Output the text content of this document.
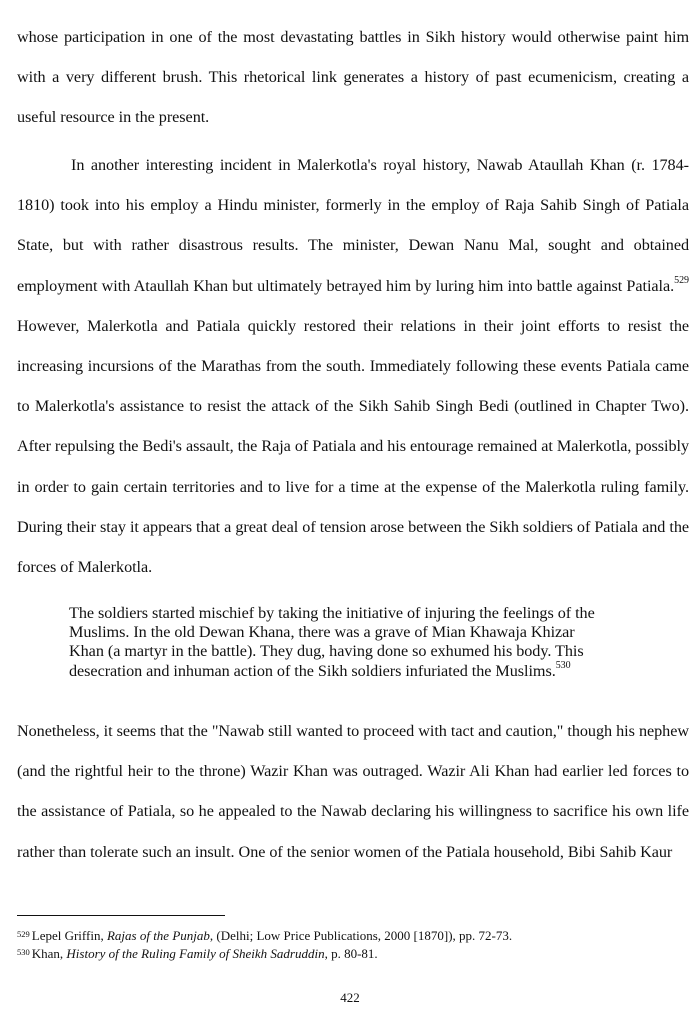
whose participation in one of the most devastating battles in Sikh history would otherwise paint him with a very different brush. This rhetorical link generates a history of past ecumenicism, creating a useful resource in the present.

In another interesting incident in Malerkotla's royal history, Nawab Ataullah Khan (r. 1784-1810) took into his employ a Hindu minister, formerly in the employ of Raja Sahib Singh of Patiala State, but with rather disastrous results. The minister, Dewan Nanu Mal, sought and obtained employment with Ataullah Khan but ultimately betrayed him by luring him into battle against Patiala.$^{529}$ However, Malerkotla and Patiala quickly restored their relations in their joint efforts to resist the increasing incursions of the Marathas from the south. Immediately following these events Patiala came to Malerkotla's assistance to resist the attack of the Sikh Sahib Singh Bedi (outlined in Chapter Two). After repulsing the Bedi's assault, the Raja of Patiala and his entourage remained at Malerkotla, possibly in order to gain certain territories and to live for a time at the expense of the Malerkotla ruling family. During their stay it appears that a great deal of tension arose between the Sikh soldiers of Patiala and the forces of Malerkotla.

The soldiers started mischief by taking the initiative of injuring the feelings of the
Muslims. In the old Dewan Khana, there was a grave of Mian Khawaja Khizar
Khan (a martyr in the battle). They dug, having done so exhumed his body. This
desecration and inhuman action of the Sikh soldiers infuriated the Muslims.$^{530}$

Nonetheless, it seems that the "Nawab still wanted to proceed with tact and caution," though his nephew (and the rightful heir to the throne) Wazir Khan was outraged. Wazir Ali Khan had earlier led forces to the assistance of Patiala, so he appealed to the Nawab declaring his willingness to sacrifice his own life rather than tolerate such an insult. One of the senior women of the Patiala household, Bibi Sahib Kaur

$^{529}$ Lepel Griffin, Rajas of the Punjab, (Delhi; Low Price Publications, 2000 [1870]), pp. 72-73.

$^{530}$ Khan, History of the Ruling Family of Sheikh Sadruddin, p. 80-81.

422
